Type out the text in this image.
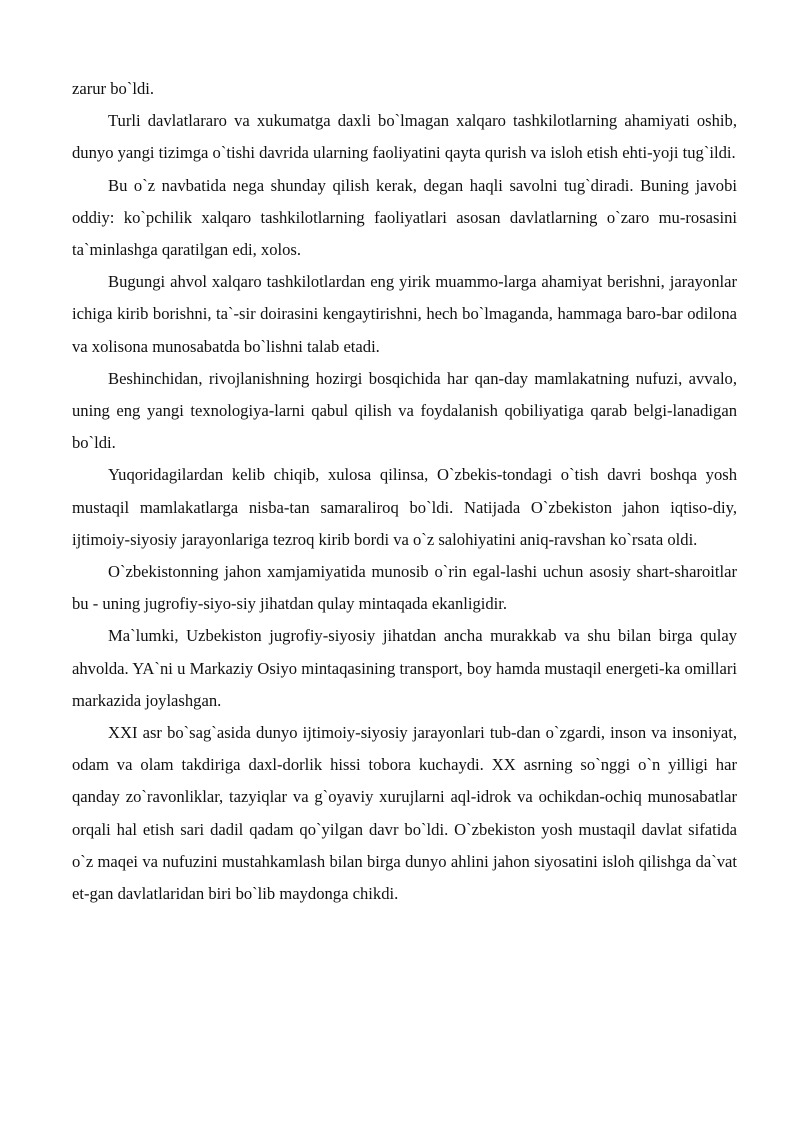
zarur bo`ldi.

Turli davlatlararo va xukumatga daxli bo`lmagan xalqaro tashkilotlarning ahamiyati oshib, dunyo yangi tizimga o`tishi davrida ularning faoliyatini qayta qurish va isloh etish ehti-yoji tug`ildi.

Bu o`z navbatida nega shunday qilish kerak, degan haqli savolni tug`diradi. Buning javobi oddiy: ko`pchilik xalqaro tashkilotlarning faoliyatlari asosan davlatlarning o`zaro mu-rosasini ta`minlashga qaratilgan edi, xolos.

Bugungi ahvol xalqaro tashkilotlardan eng yirik muammo-larga ahamiyat berishni, jarayonlar ichiga kirib borishni, ta`-sir doirasini kengaytirishni, hech bo`lmaganda, hammaga baro-bar odilona va xolisona munosabatda bo`lishni talab etadi.

Beshinchidan, rivojlanishning hozirgi bosqichida har qan-day mamlakatning nufuzi, avvalo, uning eng yangi texnologiya-larni qabul qilish va foydalanish qobiliyatiga qarab belgi-lanadigan bo`ldi.

Yuqoridagilardan kelib chiqib, xulosa qilinsa, O`zbekis-tondagi o`tish davri boshqa yosh mustaqil mamlakatlarga nisba-tan samaraliroq bo`ldi. Natijada O`zbekiston jahon iqtiso-diy, ijtimoiy-siyosiy jarayonlariga tezroq kirib bordi va o`z salohiyatini aniq-ravshan ko`rsata oldi.

O`zbekistonning jahon xamjamiyatida munosib o`rin egal-lashi uchun asosiy shart-sharoitlar bu - uning jugrofiy-siyo-siy jihatdan qulay mintaqada ekanligidir.

Ma`lumki, Uzbekiston jugrofiy-siyosiy jihatdan ancha murakkab va shu bilan birga qulay ahvolda. YA`ni u Markaziy Osiyo mintaqasining transport, boy hamda mustaqil energeti-ka omillari markazida joylashgan.

XXI asr bo`sag`asida dunyo ijtimoiy-siyosiy jarayonlari tub-dan o`zgardi, inson va insoniyat, odam va olam takdiriga daxl-dorlik hissi tobora kuchaydi. XX asrning so`nggi o`n yilligi har qanday zo`ravonliklar, tazyiqlar va g`oyaviy xurujlarni aql-idrok va ochikdan-ochiq munosabatlar orqali hal etish sari dadil qadam qo`yilgan davr bo`ldi. O`zbekiston yosh mustaqil davlat sifatida o`z maqei va nufuzini mustahkamlash bilan birga dunyo ahlini jahon siyosatini isloh qilishga da`vat et-gan davlatlaridan biri bo`lib maydonga chikdi.
